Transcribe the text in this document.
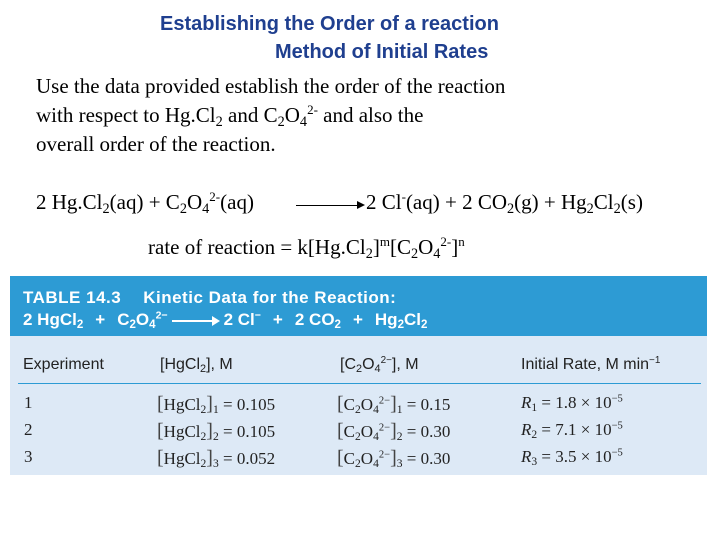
Establishing the Order of a reaction
Method of Initial Rates
Use the data provided establish the order of the reaction
with respect to $Hg.Cl_2$ and $C_2O_4^{2-}$ and also the
overall order of the reaction.
2 $Hg.Cl_2(aq) + C_2O_4^{2-}(aq)$	2 Cl-(aq) + 2 $CO_2(g) + Hg_2Cl_2(s)$
rate of reaction = $k[Hg.Cl_2]^m[C_2O_4^{2-}]^n$
TABLE 14.3 Kinetic Data for the Reaction:
2 HgCl$_2$ + $C_2O_4^{2-}$	2 Cl− + 2 $CO_2 + Hg_2Cl_2$
Experiment	[HgCl$_2$], M	$[C_2O_4^{2-}]$, M	Initial Rate, M $\min^{-1}$
1	$[HgCl_2]_1 = 0.105$	$[C_2O_4^{2-}]_1 = 0.15$	$R_1 = 1.8 \times 10^{-5}$
2	$[HgCl_2]_2 = 0.105$	$[C_2O_4^{2-}]_2 = 0.30$	$R_2 = 7.1 \times 10^{-5}$
3	$[HgCl_2]_3 = 0.052$	$[C_2O_4^{2-}]_3 = 0.30$	$R_3 = 3.5 \times 10^{-5}$
